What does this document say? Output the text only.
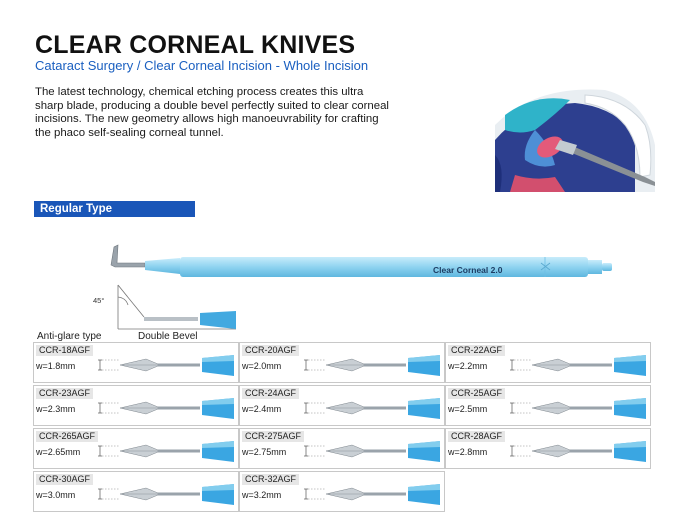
CLEAR CORNEAL KNIVES
Cataract Surgery / Clear Corneal Incision - Whole Incision

The latest technology, chemical etching process creates this ultra sharp blade, producing a double bevel perfectly suited to clear corneal incisions. The new geometry allows high manoeuvrability for crafting the phaco self-sealing corneal tunnel.

Regular Type
Clear Corneal 2.0
45°
Anti-glare type	Double Bevel
CCR-18AGF
w=1.8mm
CCR-20AGF
w=2.0mm
CCR-22AGF
w=2.2mm
CCR-23AGF
w=2.3mm
CCR-24AGF
w=2.4mm
CCR-25AGF
w=2.5mm
CCR-265AGF
w=2.65mm
CCR-275AGF
w=2.75mm
CCR-28AGF
w=2.8mm
CCR-30AGF
w=3.0mm
CCR-32AGF
w=3.2mm
